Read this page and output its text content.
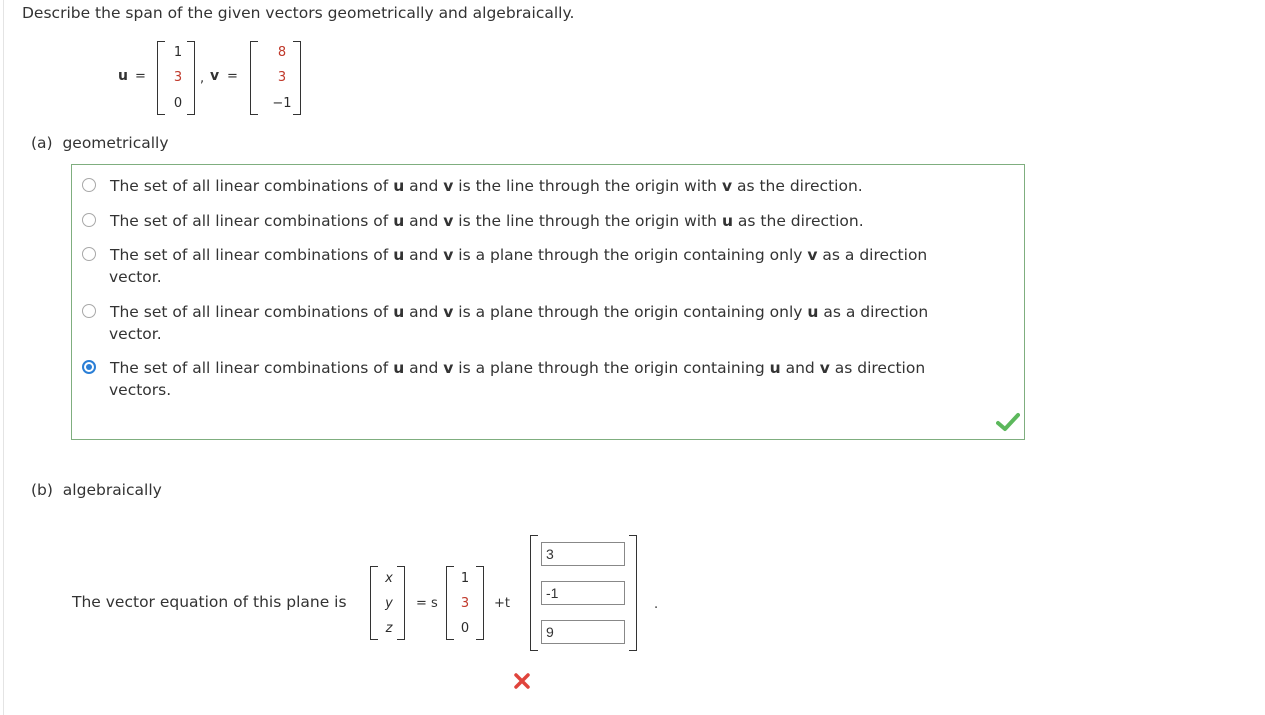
Describe the span of the given vectors geometrically and algebraically.
u =
1
3
0
, v =
8
3
−1
(a) geometrically
The set of all linear combinations of u and v is the line through the origin with v as the direction.
The set of all linear combinations of u and v is the line through the origin with u as the direction.
The set of all linear combinations of u and v is a plane through the origin containing only v as a direction
vector.
The set of all linear combinations of u and v is a plane through the origin containing only u as a direction
vector.
The set of all linear combinations of u and v is a plane through the origin containing u and v as direction
vectors.
(b) algebraically
The vector equation of this plane is
x
y
z
= s
1
3
0
+t
3
-1
9	.
